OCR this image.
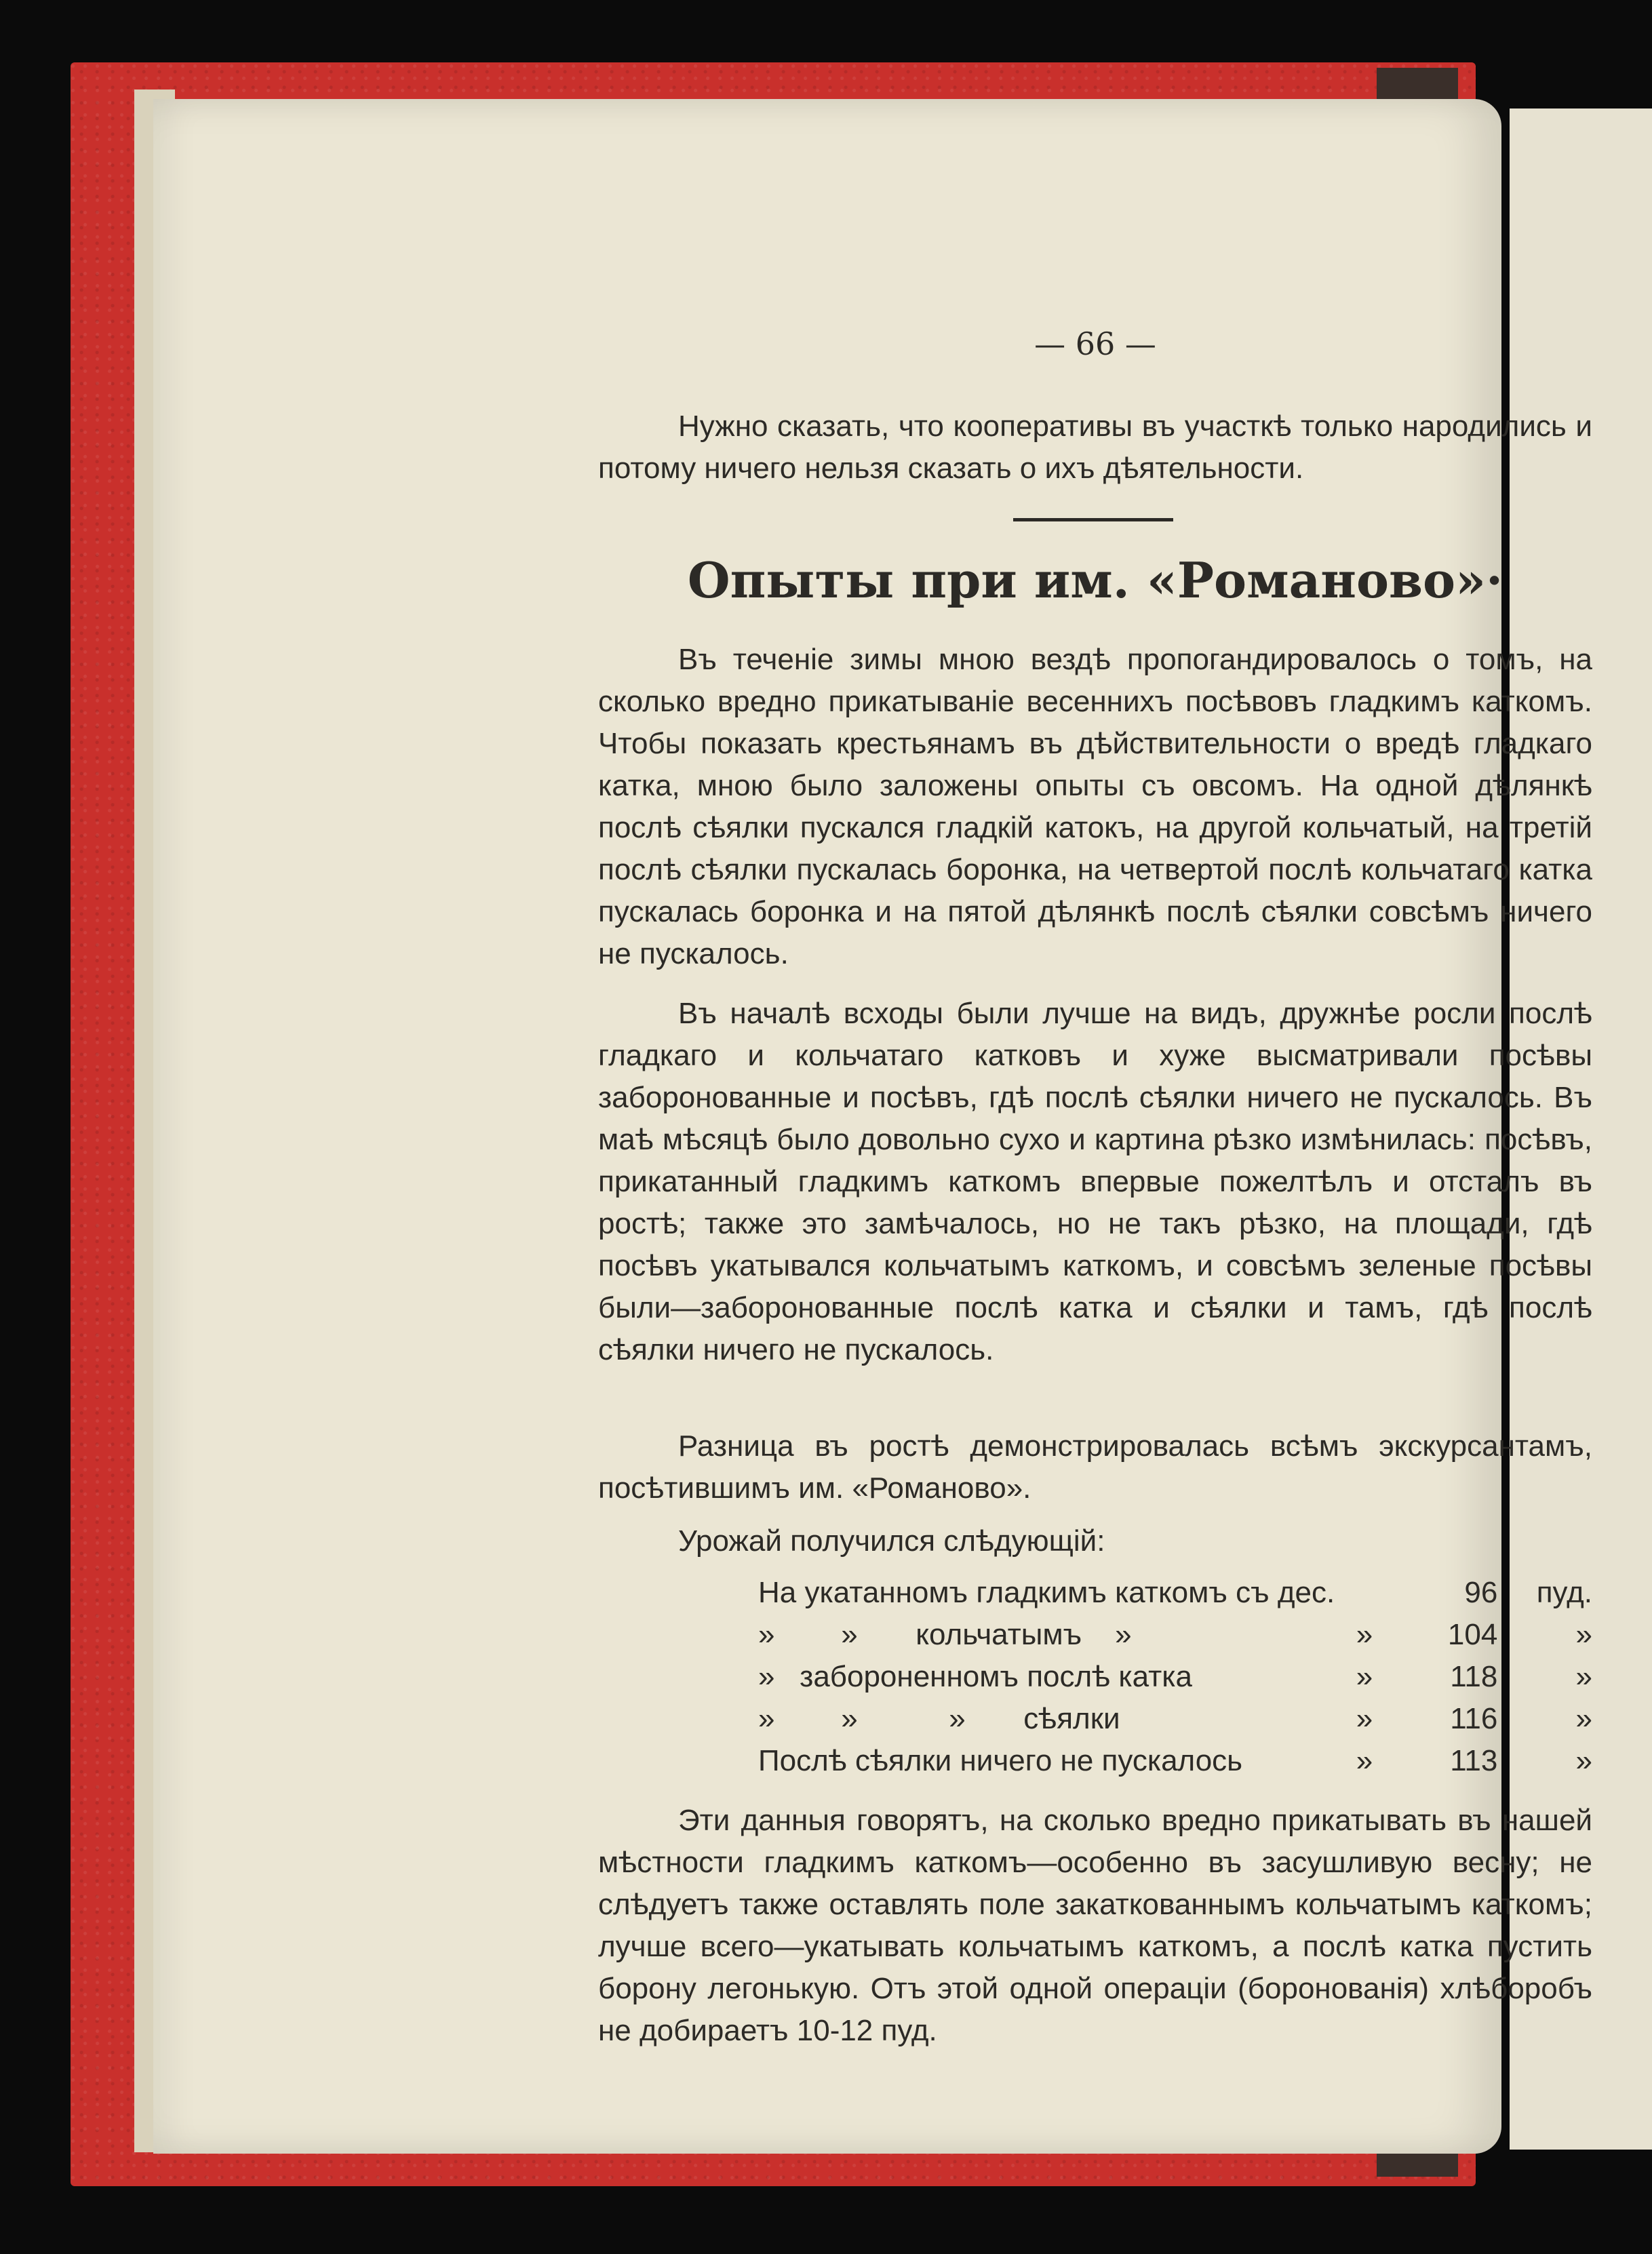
— 66 —
Нужно сказать, что кооперативы въ участкѣ только народились и потому ничего нельзя сказать о ихъ дѣятельности.
Опыты при им. «Романово»·
Въ теченіе зимы мною вездѣ пропогандировалось о томъ, на сколько вредно прикатываніе весеннихъ посѣвовъ гладкимъ каткомъ. Чтобы показать крестьянамъ въ дѣйствительности о вредѣ гладкаго катка, мною было заложены опыты съ овсомъ. На одной дѣлянкѣ послѣ сѣялки пускался гладкій катокъ, на другой кольчатый, на третій послѣ сѣялки пускалась боронка, на четвертой послѣ кольчатаго катка пускалась боронка и на пятой дѣлянкѣ послѣ сѣялки совсѣмъ ничего не пускалось.
Въ началѣ всходы были лучше на видъ, дружнѣе росли послѣ гладкаго и кольчатаго катковъ и хуже высматривали посѣвы заборонованные и посѣвъ, гдѣ послѣ сѣялки ничего не пускалось. Въ маѣ мѣсяцѣ было довольно сухо и картина рѣзко измѣнилась: посѣвъ, прикатанный гладкимъ каткомъ впервые пожелтѣлъ и отсталъ въ ростѣ; также это замѣчалось, но не такъ рѣзко, на площади, гдѣ посѣвъ укатывался кольчатымъ каткомъ, и совсѣмъ зеленые посѣвы были—заборонованные послѣ катка и сѣялки и тамъ, гдѣ послѣ сѣялки ничего не пускалось.
Разница въ ростѣ демонстрировалась всѣмъ экскурсантамъ, посѣтившимъ им. «Романово».
Урожай получился слѣдующій:
На укатанномъ гладкимъ каткомъ съ дес.		96	пуд.
»        »       кольчатымъ    »	»	104	»
»   забороненномъ послѣ катка	»	118	»
»        »           »       сѣялки	»	116	»
Послѣ сѣялки ничего не пускалось	»	113	»
Эти данныя говорятъ, на сколько вредно прикатывать въ нашей мѣстности гладкимъ каткомъ—особенно въ засушливую весну; не слѣдуетъ также оставлять поле закаткованнымъ кольчатымъ каткомъ; лучше всего—укатывать кольчатымъ каткомъ, а послѣ катка пустить борону легонькую. Отъ этой одной операціи (боронованія) хлѣборобъ не добираетъ 10-12 пуд.
